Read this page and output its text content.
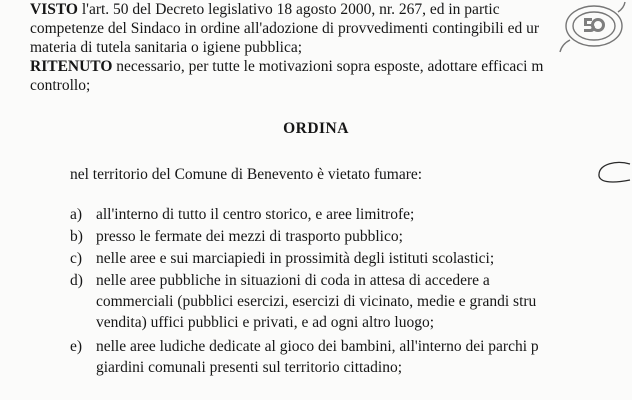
VISTO l'art. 50 del Decreto legislativo 18 agosto 2000, nr. 267, ed in partic
competenze del Sindaco in ordine all'adozione di provvedimenti contingibili ed ur
materia di tutela sanitaria o igiene pubblica;
RITENUTO necessario, per tutte le motivazioni sopra esposte, adottare efficaci m
controllo;
ORDINA
nel territorio del Comune di Benevento è vietato fumare:
a) all'interno di tutto il centro storico, e aree limitrofe;
b) presso le fermate dei mezzi di trasporto pubblico;
c) nelle aree e sui marciapiedi in prossimità degli istituti scolastici;
d) nelle aree pubbliche in situazioni di coda in attesa di accedere a
commerciali (pubblici esercizi, esercizi di vicinato, medie e grandi stru
vendita) uffici pubblici e privati, e ad ogni altro luogo;
e) nelle aree ludiche dedicate al gioco dei bambini, all'interno dei parchi p
giardini comunali presenti sul territorio cittadino;
